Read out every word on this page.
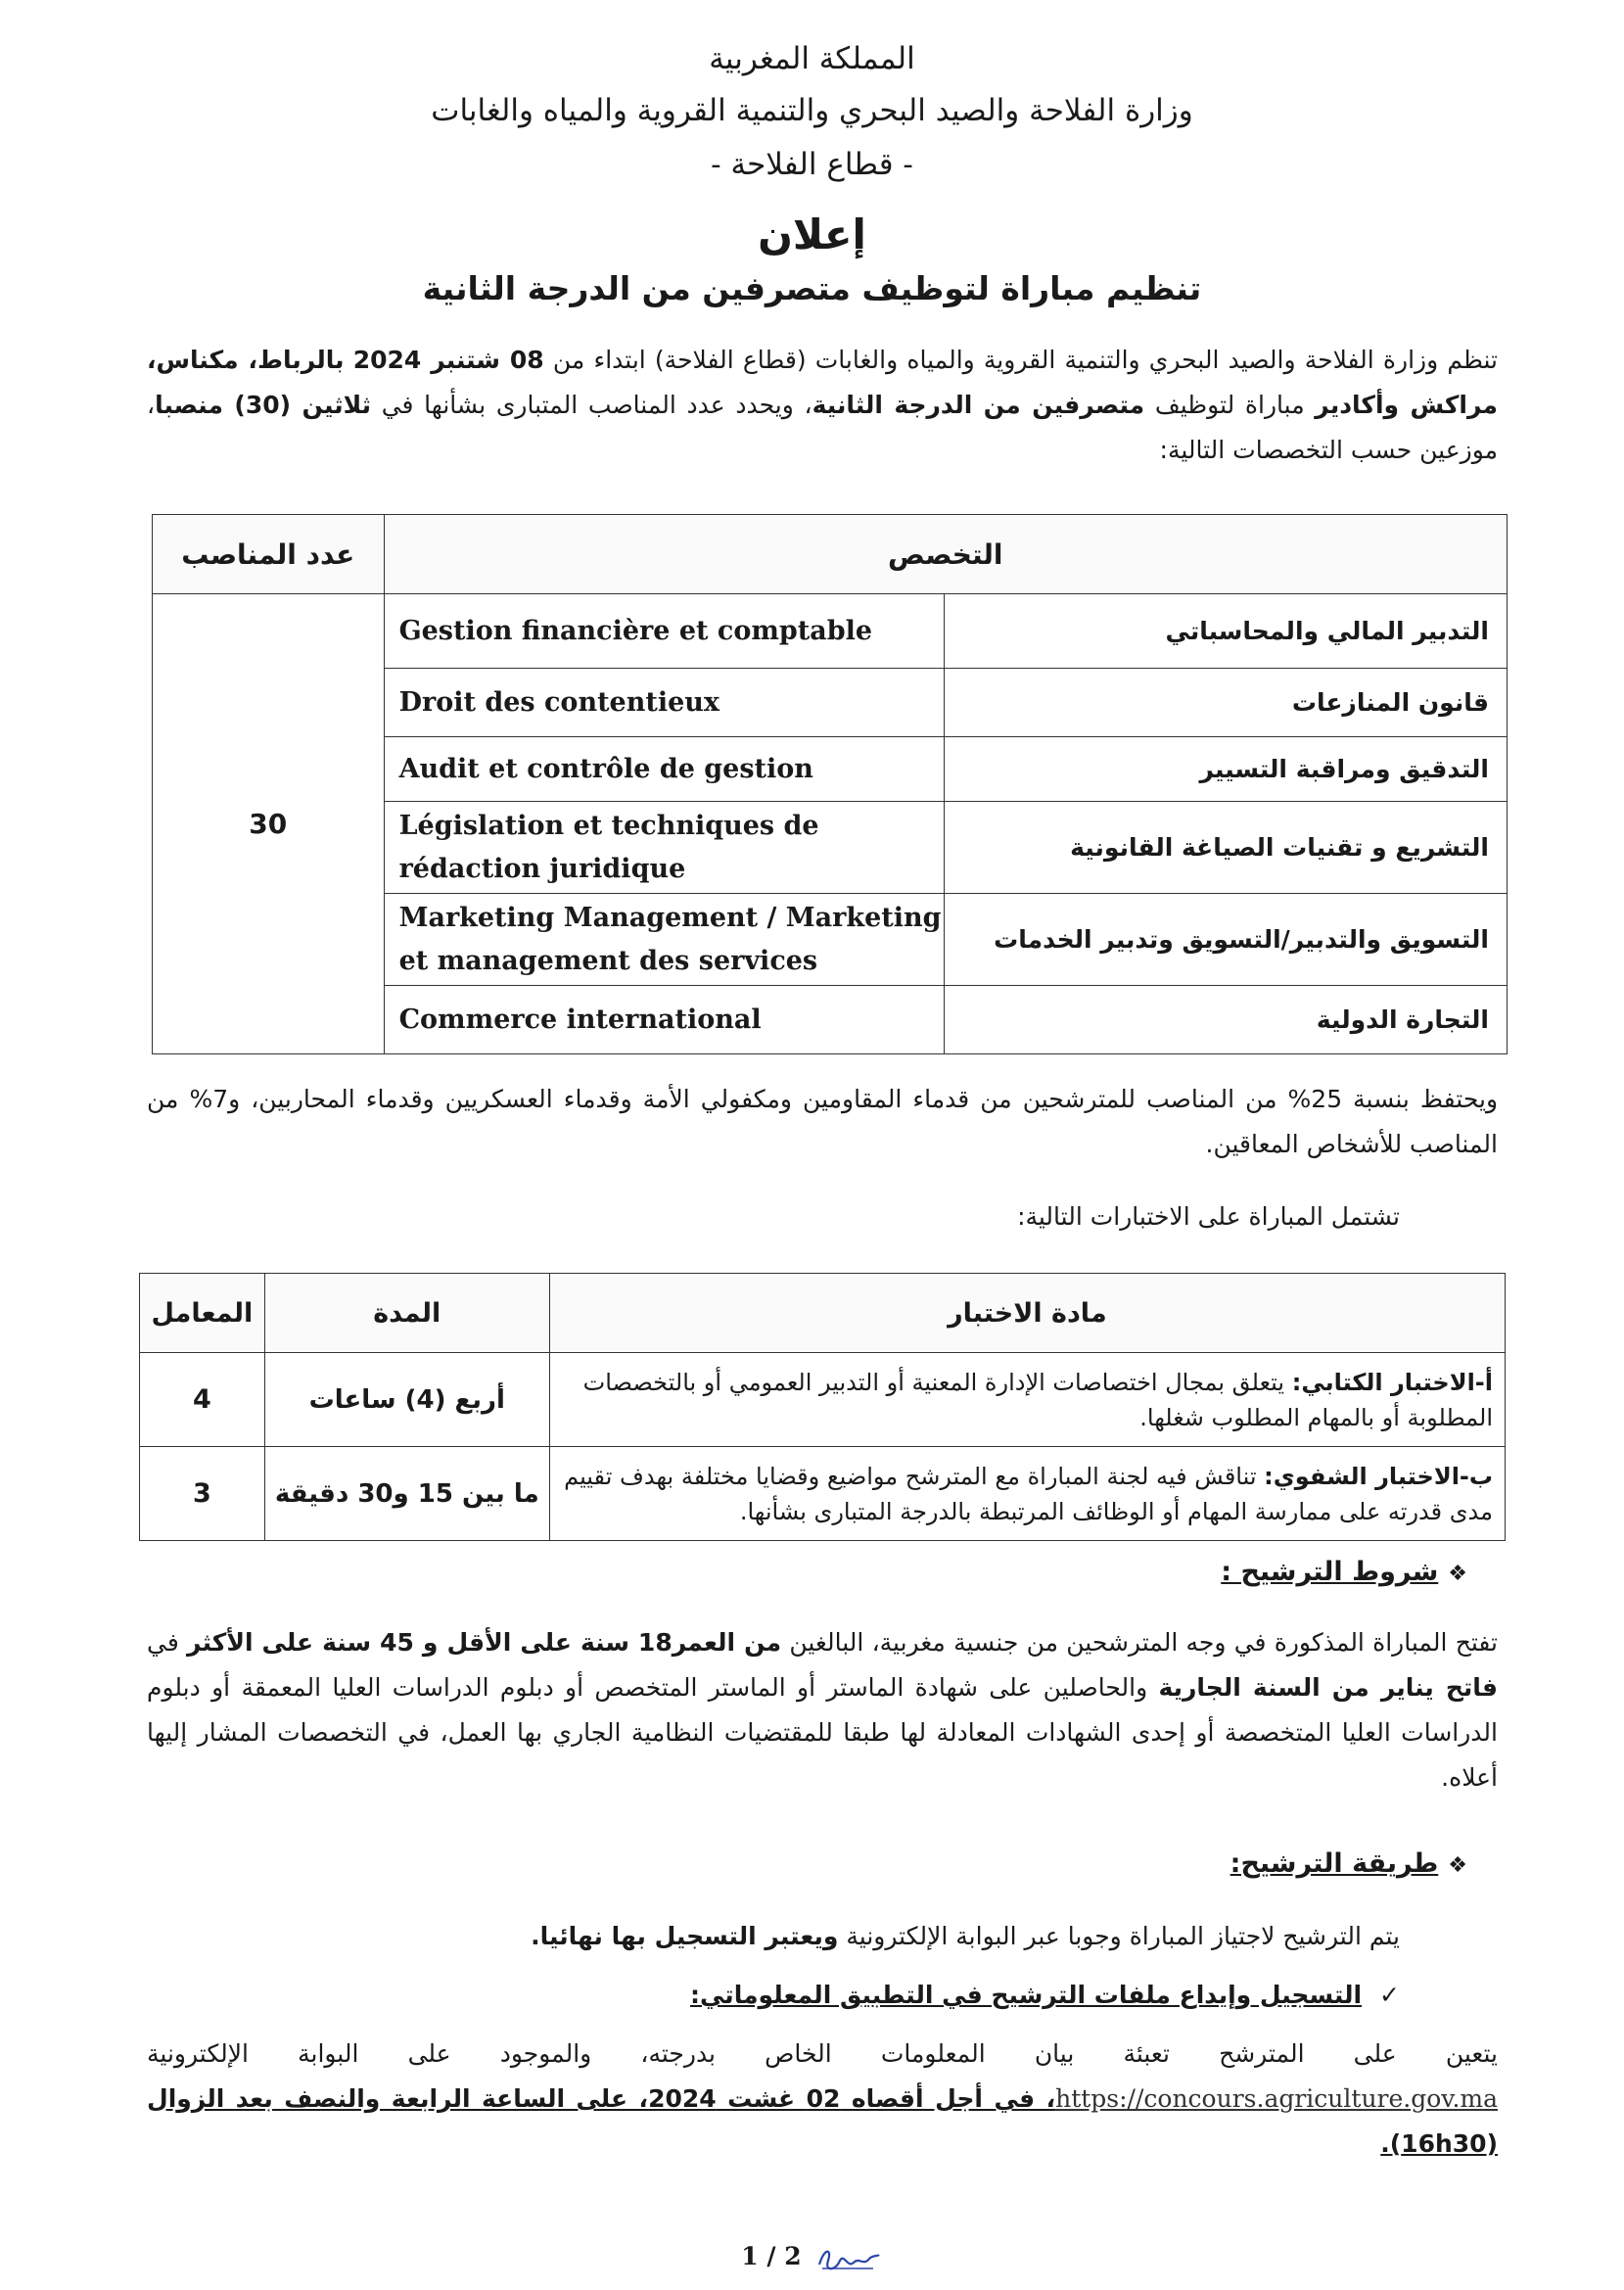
المملكة المغربية
وزارة الفلاحة والصيد البحري والتنمية القروية والمياه والغابات
- قطاع الفلاحة -
إعلان
تنظيم مباراة لتوظيف متصرفين من الدرجة الثانية
تنظم وزارة الفلاحة والصيد البحري والتنمية القروية والمياه والغابات (قطاع الفلاحة) ابتداء من 08 شتنبر 2024 بالرباط، مكناس، مراكش وأكادير مباراة لتوظيف متصرفين من الدرجة الثانية، ويحدد عدد المناصب المتبارى بشأنها في ثلاثين (30) منصبا، موزعين حسب التخصصات التالية:
التخصص		عدد المناصب
التدبير المالي والمحاسباتي	Gestion financière et comptable	30
قانون المنازعات	Droit des contentieux	
التدقيق ومراقبة التسيير	Audit et contrôle de gestion	
التشريع و تقنيات الصياغة القانونية	Législation et techniques de rédaction juridique	
التسويق والتدبير/التسويق وتدبير الخدمات	Marketing Management / Marketing et management des services	
التجارة الدولية	Commerce international	
ويحتفظ بنسبة 25% من المناصب للمترشحين من قدماء المقاومين ومكفولي الأمة وقدماء العسكريين وقدماء المحاربين، و7% من المناصب للأشخاص المعاقين.
تشتمل المباراة على الاختبارات التالية:
مادة الاختبار	المدة	المعامل
أ-الاختبار الكتابي: يتعلق بمجال اختصاصات الإدارة المعنية أو التدبير العمومي أو بالتخصصات المطلوبة أو بالمهام المطلوب شغلها.	أربع (4) ساعات	4
ب-الاختبار الشفوي: تناقش فيه لجنة المباراة مع المترشح مواضيع وقضايا مختلفة بهدف تقييم مدى قدرته على ممارسة المهام أو الوظائف المرتبطة بالدرجة المتبارى بشأنها.	ما بين 15 و30 دقيقة	3
❖شروط الترشيح :
تفتح المباراة المذكورة في وجه المترشحين من جنسية مغربية، البالغين من العمر18 سنة على الأقل و 45 سنة على الأكثر في فاتح يناير من السنة الجارية والحاصلين على شهادة الماستر أو الماستر المتخصص أو دبلوم الدراسات العليا المعمقة أو دبلوم الدراسات العليا المتخصصة أو إحدى الشهادات المعادلة لها طبقا للمقتضيات النظامية الجاري بها العمل، في التخصصات المشار إليها أعلاه.
❖طريقة الترشيح:
يتم الترشيح لاجتياز المباراة وجوبا عبر البوابة الإلكترونية ويعتبر التسجيل بها نهائيا.
✓التسجيل وإيداع ملفات الترشيح في التطبيق المعلوماتي:
يتعين على المترشح تعبئة بيان المعلومات الخاص بدرجته، والموجود على البوابة الإلكترونية https://concours.agriculture.gov.ma، في أجل أقصاه 02 غشت 2024، على الساعة الرابعة والنصف بعد الزوال (16h30).
1 / 2
